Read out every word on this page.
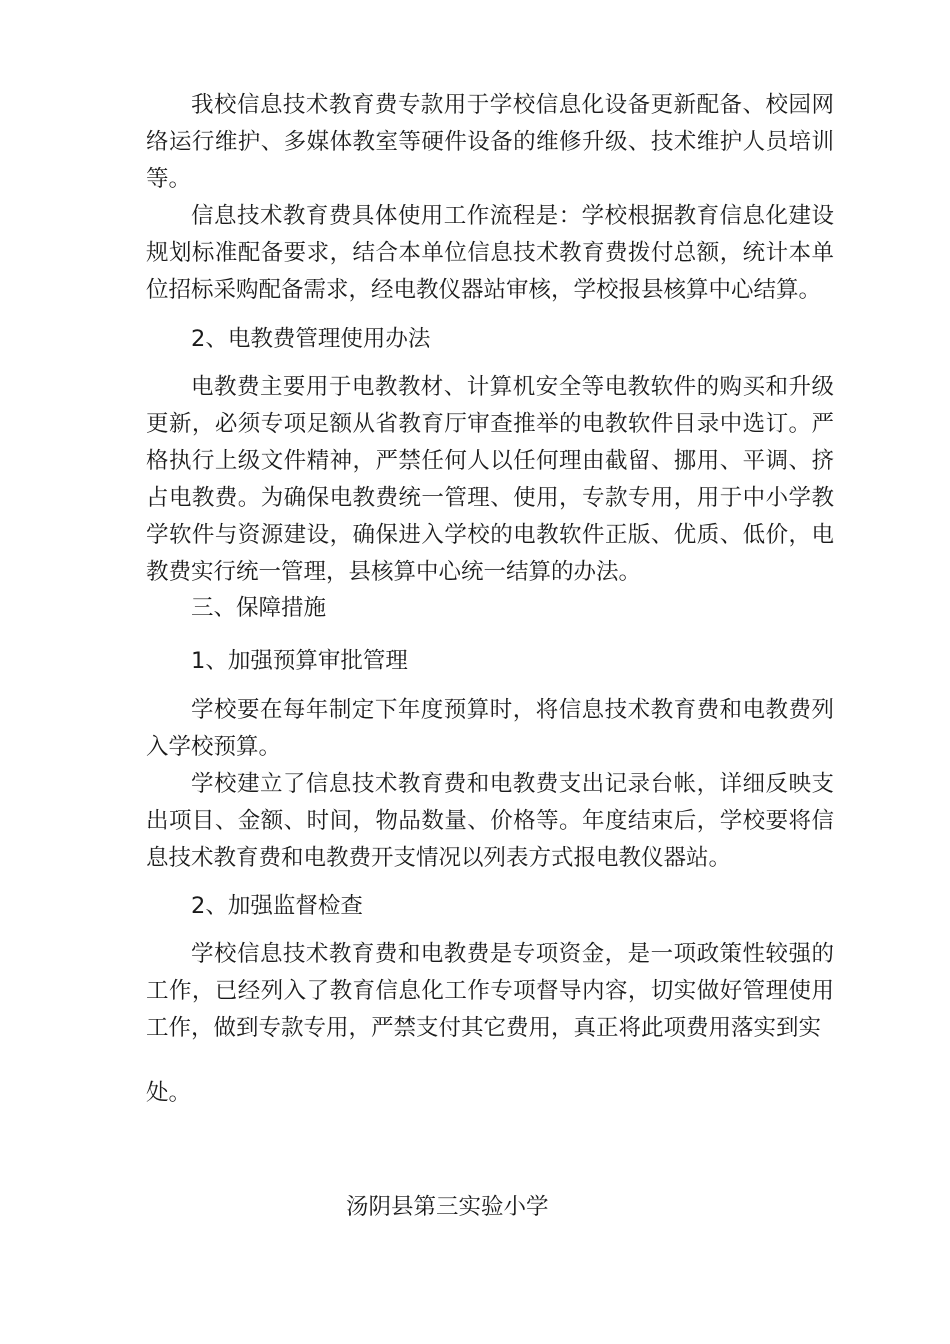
我校信息技术教育费专款用于学校信息化设备更新配备、校园网络运行维护、多媒体教室等硬件设备的维修升级、技术维护人员培训等。

信息技术教育费具体使用工作流程是：学校根据教育信息化建设规划标准配备要求，结合本单位信息技术教育费拨付总额，统计本单位招标采购配备需求，经电教仪器站审核，学校报县核算中心结算。

2、电教费管理使用办法

电教费主要用于电教教材、计算机安全等电教软件的购买和升级更新，必须专项足额从省教育厅审查推举的电教软件目录中选订。严格执行上级文件精神，严禁任何人以任何理由截留、挪用、平调、挤占电教费。为确保电教费统一管理、使用，专款专用，用于中小学教学软件与资源建设，确保进入学校的电教软件正版、优质、低价，电教费实行统一管理，县核算中心统一结算的办法。

三、保障措施

1、加强预算审批管理

学校要在每年制定下年度预算时，将信息技术教育费和电教费列入学校预算。

学校建立了信息技术教育费和电教费支出记录台帐，详细反映支出项目、金额、时间，物品数量、价格等。年度结束后，学校要将信息技术教育费和电教费开支情况以列表方式报电教仪器站。

2、加强监督检查

学校信息技术教育费和电教费是专项资金，是一项政策性较强的工作，已经列入了教育信息化工作专项督导内容，切实做好管理使用工作，做到专款专用，严禁支付其它费用，真正将此项费用落实到实

处。

汤阴县第三实验小学
